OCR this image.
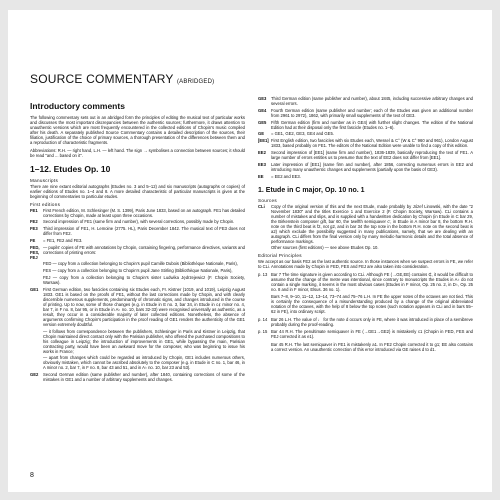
SOURCE COMMENTARY (ABRIDGED)
Introductory comments

The following commentary sets out in an abridged form the principles of editing the musical text of particular works and discusses the most important discrepancies between the authentic sources; furthermore, it draws attention to unauthentic versions which are most frequently encountered in the collected editions of Chopin's music compiled after his death. A separately published Source Commentary contains a detailed description of the sources, their filiation, justification of the choice of primary sources, a thorough presentation of the differences between them and a reproduction of characteristic fragments.

Abbreviations: R.H. — right hand, L.H. — left hand. The sign → symbolises a connection between sources; it should be read "and ... based on it".

1–12. Etudes Op. 10
Manuscripts

There are nine extant editorial autographs (Etudes no. 3 and 5–12) and six manuscripts (autographs or copies) of earlier editions of Etudes no. 1–4 and 8. A more detailed characteristic of particular manuscripts is given at the beginning of commentaries to particular etudes.

First editions
FE1	First French edition, M. Schlesinger (M. S. 1399), Paris June 1833, based on an autograph. FE1 has detailed corrections by Chopin, made at least upon three occasions.
FE2	Second impression of FE1 (same firm and number), with several corrections, possibly made by Chopin.
FE3	Third impression of FE1, H. Lemoine (2775. HL), Paris December 1842. The musical text of FE3 does not differ from FE2.
FE	= FE1, FE2 and FE3.
FED, FES, FEJ
— pupils' copies of FE with annotations by Chopin, containing fingering, performance directives, variants and corrections of printing errors:
FED — copy from a collection belonging to Chopin's pupil Camille Dubois (Bibliothèque Nationale, Paris),
FES — copy from a collection belonging to Chopin's pupil Jane Stirling (Bibliothèque Nationale, Paris),
FEJ — copy from a collection belonging to Chopin's sister Ludwika Jędrzejewicz (F. Chopin Society, Warsaw).
GE1	First German edition, two fascicles containing six Etudes each, Fr. Kistner (1019, and 1019), Leipzig August 1833. GE1 is based on the proofs of FE1, without the last corrections made by Chopin, and with clearly discernible numerous supplements, predominantly of chromatic signs, and changes introduced in the course of printing. Up to now, some of those changes (e.g. in Etude in E no. 3, bar 34, in Etude in c♯ minor no. 4, bar 7, in F no. 8, bar 95, or in Etude in A♭ no. 10, bars 32-33) were recognised universally as authentic, as a result, they occur in a considerable majority of later collected editions. Nonetheless, the absence of arguments confirming Chopin's participation in the proof reading of GE1 renders the authenticity of the GE1 version extremely doubtful.
— it follows from correspondence between the publishers, Schlesinger in Paris and Kistner in Leipzig, that Chopin maintained direct contact only with the Parisian publisher, who offered the purchased compositions to his colleague in Leipzig; the introduction of improvements in GE1, while bypassing the main, Parisian contracting party, would have been an awkward move for the composer, who was beginning to issue his works in France;
— apart from changes which could be regarded as introduced by Chopin, GE1 includes numerous others, obviously mistaken, which cannot be ascribed absolutely to the composer (e.g. in Etude in C no. 1, bar 46, in A minor no. 2, bar 7, in F no. 8, bar 43 and 51, and in A♭ no. 10, bar 23 and 53).
GE2	Second German edition (same publisher and number), after 1840, containing corrections of some of the mistakes in GE1 and a number of arbitrary supplements and changes.
GE3	Third German edition (same publisher and number), about 1845, including successive arbitrary changes and several errors.
GE4	Fourth German edition (same publisher and number; each of the Etudes was given an additional number from 2961 to 2972), 1862, with primarily small supplements of the text of GE3.
GE5	Fifth German edition (firm and number as in GE4) with further slight changes. The edition of the National Edition had at their disposal only the first fascicle (Etudes no. 1–6).
GE	= GE1, GE2, GE3, GE4 and GE5.
[EE1] First English edition, two fascicles with six Etudes each, Wessel & C° (W & C° 960 and 961), London August 1833, based probably on FE1. The editors of the National Edition were unable to find a copy of this edition.
EE2	Second impression of [EE1] (same firm and number), 1836-1839, basically reproducing the text of FE1. A large number of errors entitles us to presume that the text of EE2 does not differ from [EE1].
EE3	Later impression of [EE1] (same firm and number), after 1856, correcting numerous errors in EE2 and introducing many unauthentic changes and supplements (partially upon the basis of GE3).
EE	= EE2 and EE3.
1. Etude in C major, Op. 10 no. 1
Sources
CLi	Copy of the original version of this and the next Etude, made probably by Józef Linowski, with the date "2 November 1830" and the titles Exercice 1 and Exercice 2 (F. Chopin Society, Warsaw). CLi contains a number of mistakes and slips, and is supplied with a handwritten dedication by Chopin (in Etude in C bar 29, the Birkenstein composer gift, bar 60, the twelfth semiquaver c′, in Etude in A minor bar 8, the bottom R.H. note on the third beat is f2, not g2, and in bar 34 the top note in the bottom R.H. note on the second beat is a2) which exclude the possibility suggested in many publications, namely, that we are dealing with an autograph. CLi differs from the final version only by many melodic-harmonic details and the total absence of performance markings.
Other sources (first editions) — see above Etudes Op. 10.
Editorial Principles

We accept as our basis FE2 as the last authentic source. In those instances when we suspect errors in FE, we refer to CLi. Annotations made by Chopin in FED, FES and FEJ are also taken into consideration.

p. 13 Bar 7 The time signature is given according to CLi. Although FE (→GE,EE) contains ₵, it would be difficult to assume that the change of the metre was intentional, since contrary to monuscripts the Etudes in A♭ do not contain a single marking, it seems in the most obvious cases (Etudes in F minor, Op. 25 no. 2, in D♭, Op. 25 no. 8 and in F minor, Elsus. 36 no. 1).
Bars 7–8, 9–10, 11–12, 13–14, 73–74 and 75–76 L.H. In FE the upper notes of the octaves are not tied. This is certainly the consequence of a misunderstanding produced by a change of the original abbreviated notation of the octaves, with the help of 8 below the top notes (such notation appears in CLi and in bars 55–62 in FE), into ordinary script.
p. 14 Bar 26 L.H. The value of ♩ for the note d occurs only in FE, where it was introduced in place of a semibreve probably during the proof-reading.
p. 15 Bar 44 R.H. The penultimate semiquaver in FE (→GE1→GE2) is mistakenly c1 (Chopin in FED, FES and FEJ corrected it as e1).
Bar 45 R.H. The last semiquaver in FE1 is mistakenly a1. In FE2 Chopin corrected it to g1; EE also contains a correct version. An unauthentic correction of this error introduced via GE raises d to d1.
8
